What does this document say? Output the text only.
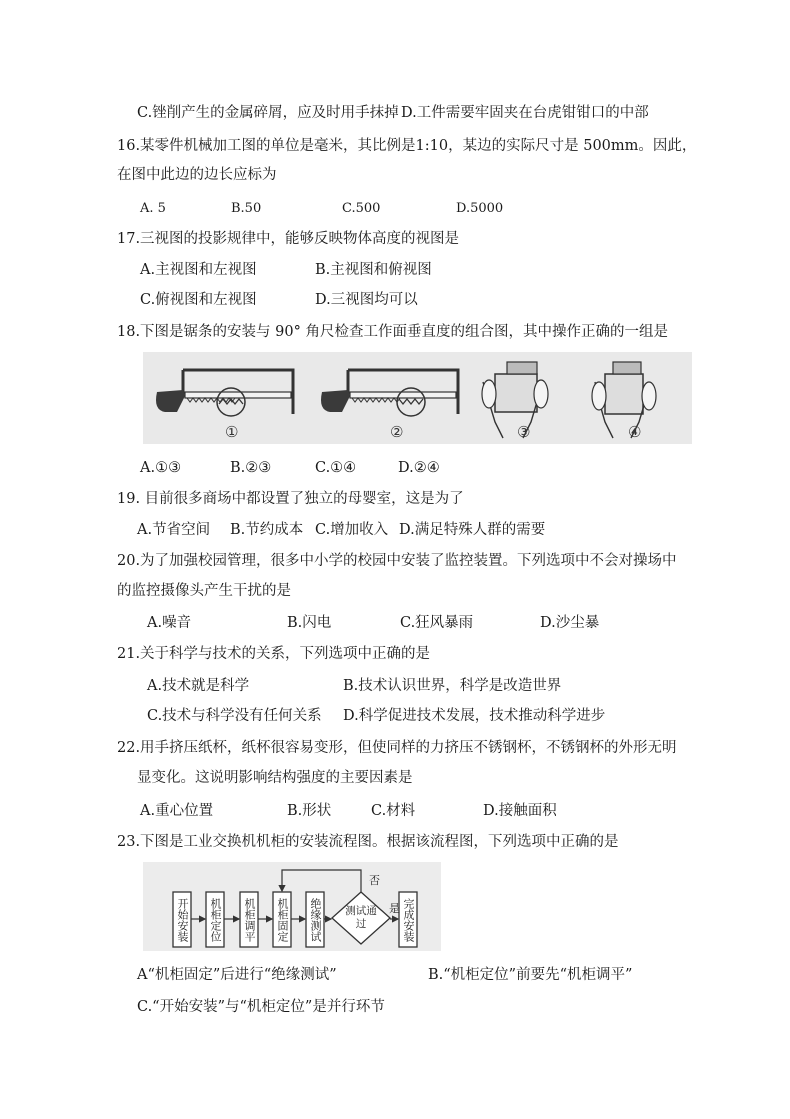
C.锉削产生的金属碎屑，应及时用手抹掉 D.工件需要牢固夹在台虎钳钳口的中部
16.某零件机械加工图的单位是毫米，其比例是1:10，某边的实际尺寸是 500mm。因此，
在图中此边的边长应标为
A. 5	B.50	C.500	D.5000
17.三视图的投影规律中，能够反映物体高度的视图是
A.主视图和左视图	B.主视图和俯视图
C.俯视图和左视图	D.三视图均可以
18.下图是锯条的安装与 90° 角尺检查工作面垂直度的组合图，其中操作正确的一组是
①	②	③	④
A.①③	B.②③	C.①④	D.②④
19. 目前很多商场中都设置了独立的母婴室，这是为了
A.节省空间 B.节约成本 C.增加收入 D.满足特殊人群的需要
20.为了加强校园管理，很多中小学的校园中安装了监控装置。下列选项中不会对操场中
的监控摄像头产生干扰的是
A.噪音	B.闪电	C.狂风暴雨	D.沙尘暴
21.关于科学与技术的关系，下列选项中正确的是
A.技术就是科学	B.技术认识世界，科学是改造世界
C.技术与科学没有任何关系 D.科学促进技术发展，技术推动科学进步
22.用手挤压纸杯，纸杯很容易变形，但使同样的力挤压不锈钢杯，不锈钢杯的外形无明
显变化。这说明影响结构强度的主要因素是
A.重心位置	B.形状	C.材料	D.接触面积
23.下图是工业交换机机柜的安装流程图。根据该流程图，下列选项中正确的是
否
是
开始安装 机柜定位 机柜调平 机柜固定 绝缘测试 测试通过	完成安装
A“机柜固定”后进行“绝缘测试”	B.“机柜定位”前要先“机柜调平”
C.“开始安装”与“机柜定位”是并行环节
